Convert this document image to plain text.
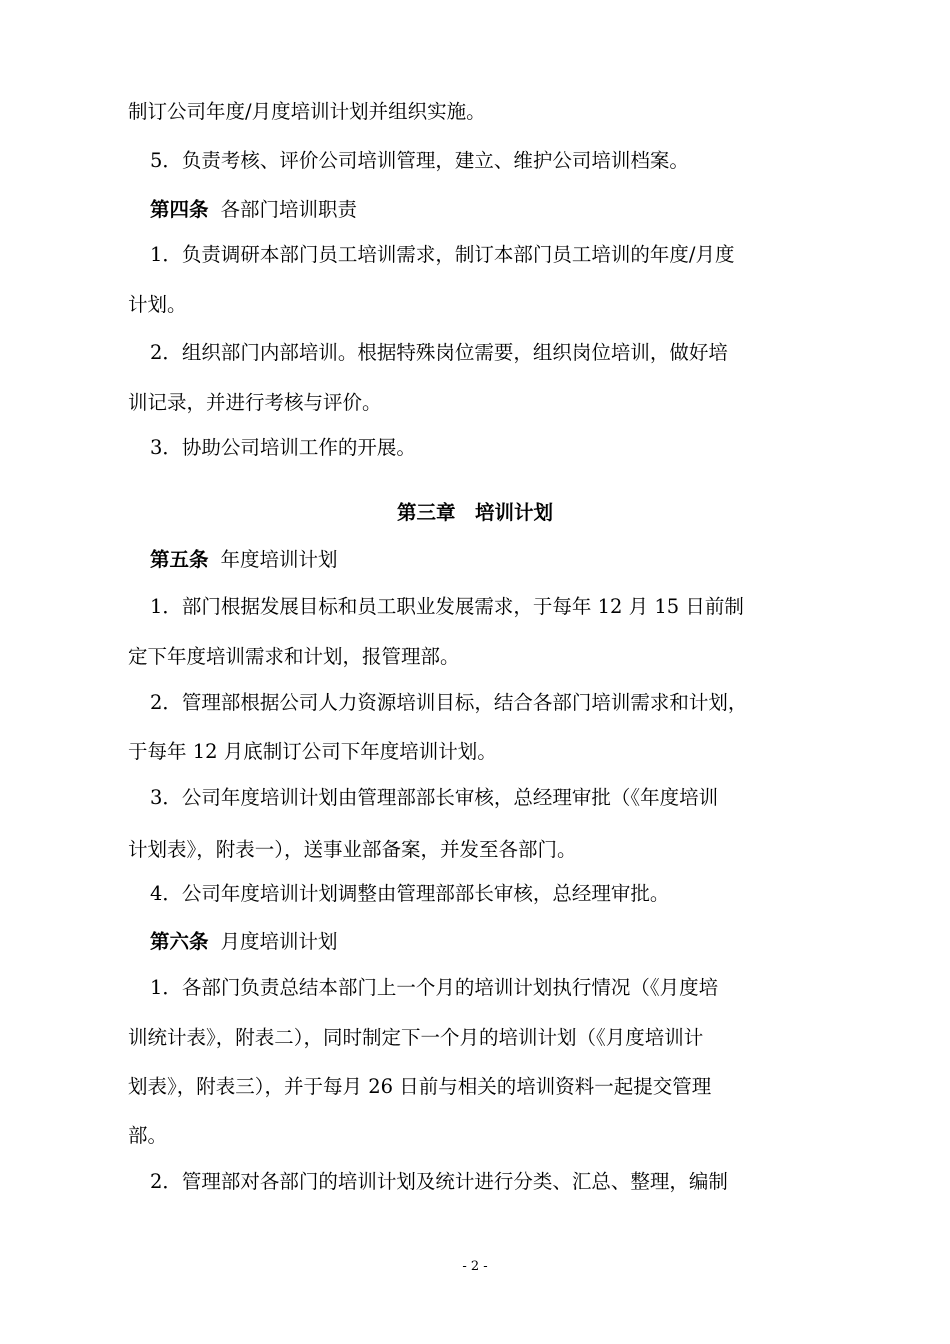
制订公司年度/月度培训计划并组织实施。
5．负责考核、评价公司培训管理，建立、维护公司培训档案。
第四条 各部门培训职责
1．负责调研本部门员工培训需求，制订本部门员工培训的年度/月度
计划。
2．组织部门内部培训。根据特殊岗位需要，组织岗位培训，做好培
训记录，并进行考核与评价。
3．协助公司培训工作的开展。
第三章　培训计划
第五条 年度培训计划
1．部门根据发展目标和员工职业发展需求，于每年 12 月 15 日前制
定下年度培训需求和计划，报管理部。
2．管理部根据公司人力资源培训目标，结合各部门培训需求和计划，
于每年 12 月底制订公司下年度培训计划。
3．公司年度培训计划由管理部部长审核，总经理审批（《年度培训
计划表》，附表一），送事业部备案，并发至各部门。
4．公司年度培训计划调整由管理部部长审核，总经理审批。
第六条 月度培训计划
1．各部门负责总结本部门上一个月的培训计划执行情况（《月度培
训统计表》，附表二），同时制定下一个月的培训计划（《月度培训计
划表》，附表三），并于每月 26 日前与相关的培训资料一起提交管理
部。
2．管理部对各部门的培训计划及统计进行分类、汇总、整理，编制
- 2 -
